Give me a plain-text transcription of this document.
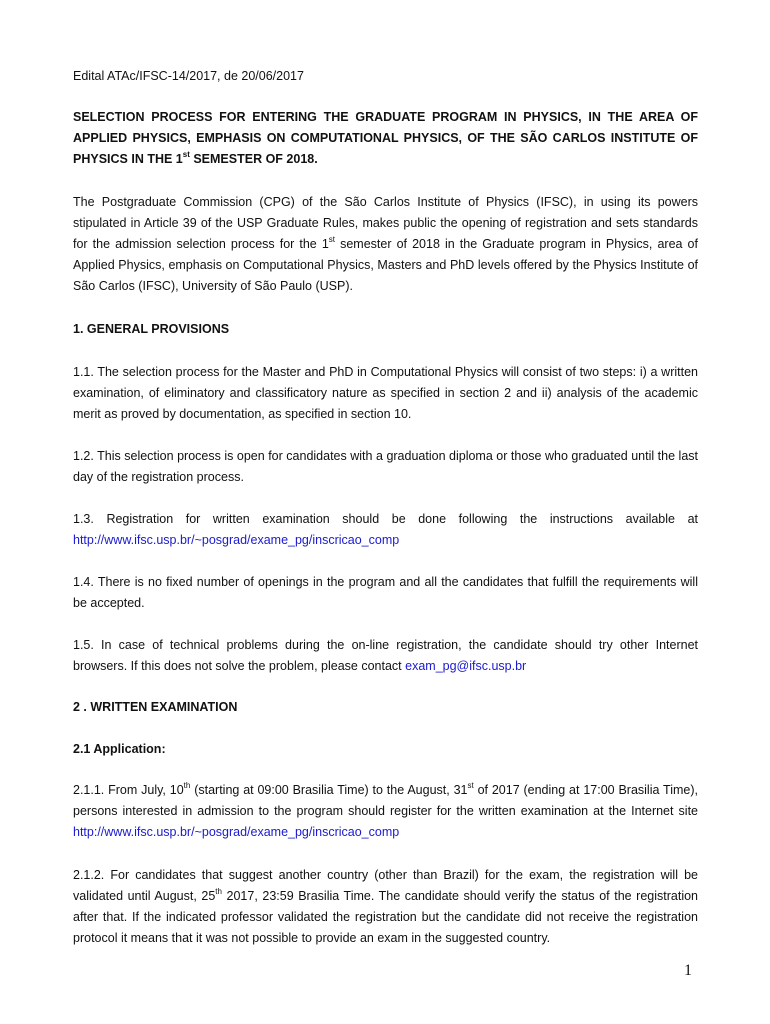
Edital ATAc/IFSC-14/2017, de 20/06/2017

SELECTION PROCESS FOR ENTERING THE GRADUATE PROGRAM IN PHYSICS, IN THE AREA OF APPLIED PHYSICS, EMPHASIS ON COMPUTATIONAL PHYSICS, OF THE SÃO CARLOS INSTITUTE OF PHYSICS IN THE 1st SEMESTER OF 2018.

The Postgraduate Commission (CPG) of the São Carlos Institute of Physics (IFSC), in using its powers stipulated in Article 39 of the USP Graduate Rules, makes public the opening of registration and sets standards for the admission selection process for the 1st semester of 2018 in the Graduate program in Physics, area of Applied Physics, emphasis on Computational Physics, Masters and PhD levels offered by the Physics Institute of São Carlos (IFSC), University of São Paulo (USP).

1. GENERAL PROVISIONS

1.1. The selection process for the Master and PhD in Computational Physics will consist of two steps: i) a written examination, of eliminatory and classificatory nature as specified in section 2 and ii) analysis of the academic merit as proved by documentation, as specified in section 10.

1.2. This selection process is open for candidates with a graduation diploma or those who graduated until the last day of the registration process.

1.3. Registration for written examination should be done following the instructions available at http://www.ifsc.usp.br/~posgrad/exame_pg/inscricao_comp

1.4. There is no fixed number of openings in the program and all the candidates that fulfill the requirements will be accepted.

1.5. In case of technical problems during the on-line registration, the candidate should try other Internet browsers. If this does not solve the problem, please contact exam_pg@ifsc.usp.br

2 . WRITTEN EXAMINATION

2.1 Application:

2.1.1. From July, 10th (starting at 09:00 Brasilia Time) to the August, 31st of 2017 (ending at 17:00 Brasilia Time), persons interested in admission to the program should register for the written examination at the Internet site http://www.ifsc.usp.br/~posgrad/exame_pg/inscricao_comp

2.1.2. For candidates that suggest another country (other than Brazil) for the exam, the registration will be validated until August, 25th 2017, 23:59 Brasilia Time. The candidate should verify the status of the registration after that. If the indicated professor validated the registration but the candidate did not receive the registration protocol it means that it was not possible to provide an exam in the suggested country.

1
